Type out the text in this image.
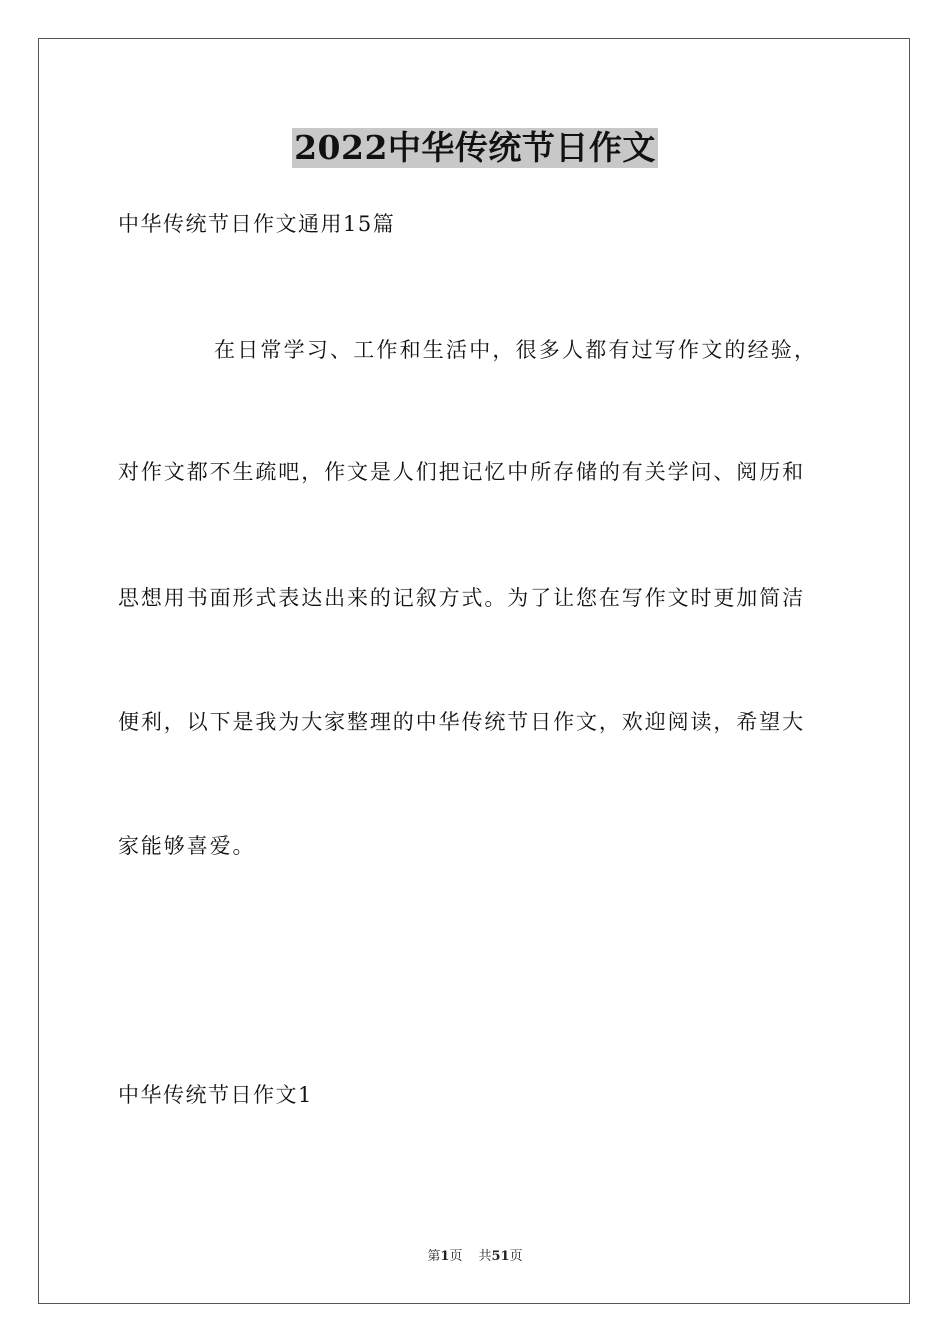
2022中华传统节日作文
中华传统节日作文通用15篇
在日常学习、工作和生活中，很多人都有过写作文的经验，
对作文都不生疏吧，作文是人们把记忆中所存储的有关学问、阅历和
思想用书面形式表达出来的记叙方式。为了让您在写作文时更加简洁
便利，以下是我为大家整理的中华传统节日作文，欢迎阅读，希望大
家能够喜爱。
中华传统节日作文1
第1页 共51页
